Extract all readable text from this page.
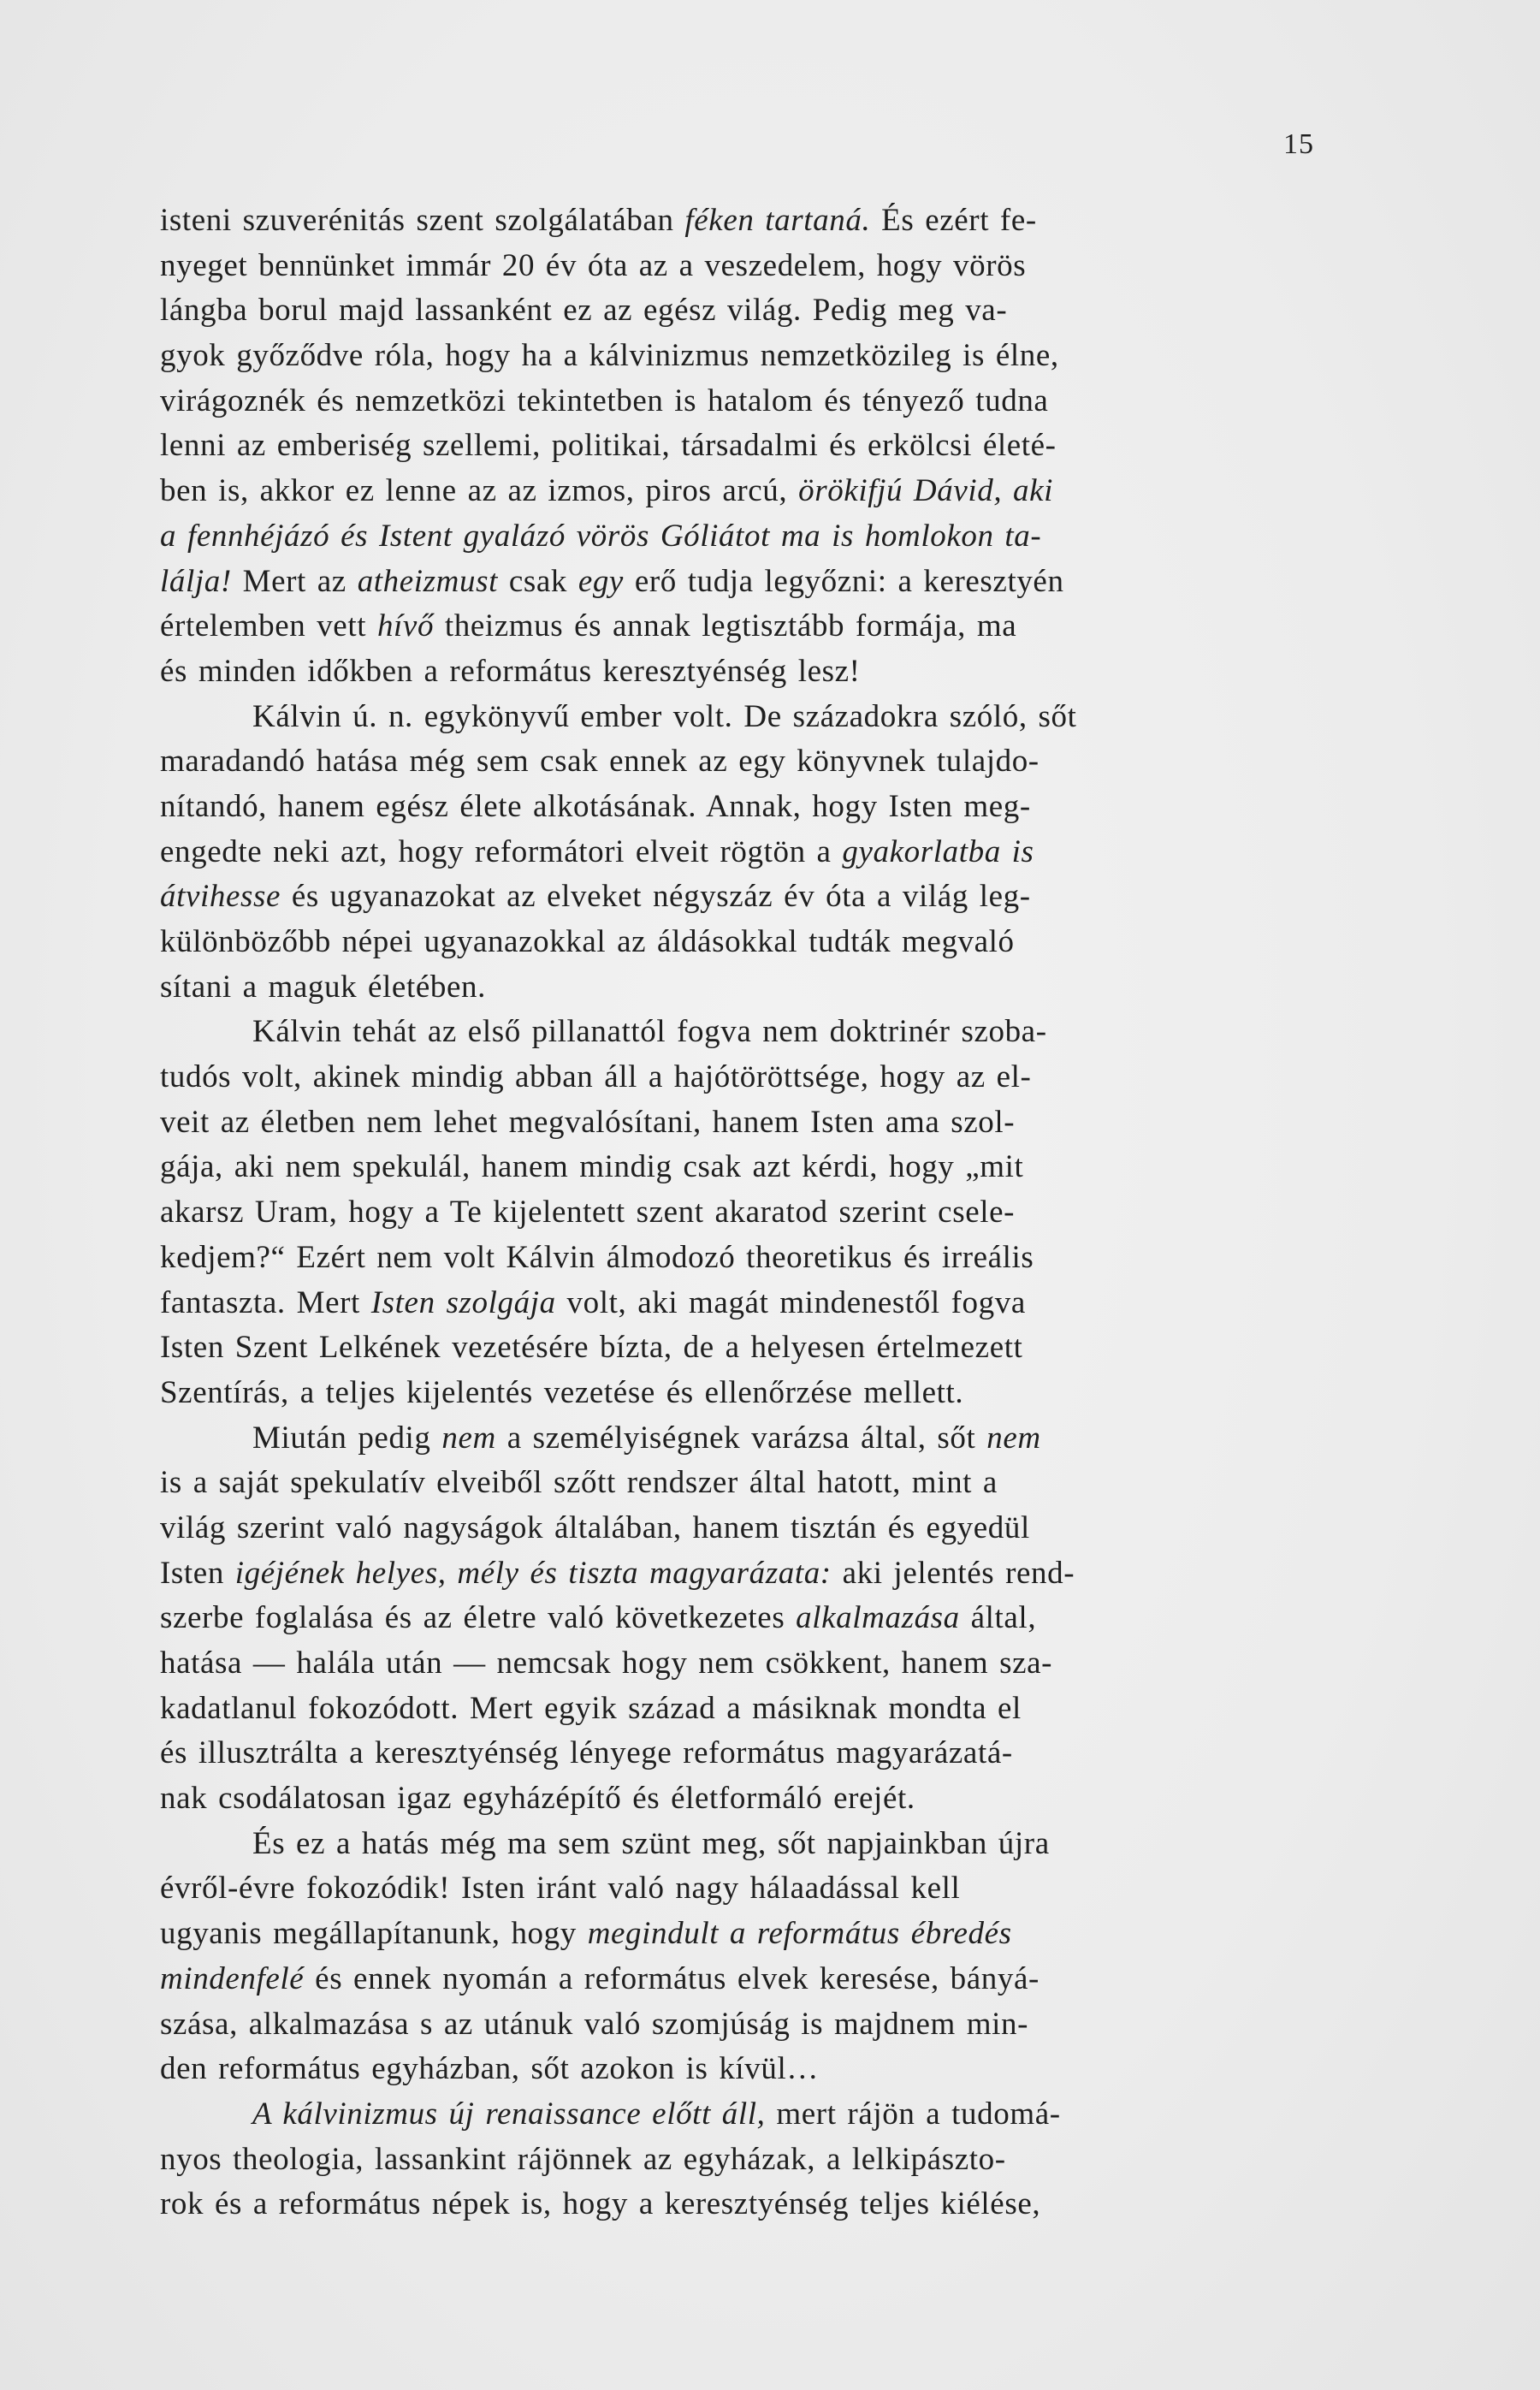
15
isteni szuverénitás szent szolgálatában féken tartaná. És ezért fe-
nyeget bennünket immár 20 év óta az a veszedelem, hogy vörös
lángba borul majd lassanként ez az egész világ. Pedig meg va-
gyok győződve róla, hogy ha a kálvinizmus nemzetközileg is élne,
virágoznék és nemzetközi tekintetben is hatalom és tényező tudna
lenni az emberiség szellemi, politikai, társadalmi és erkölcsi életé-
ben is, akkor ez lenne az az izmos, piros arcú, örökifjú Dávid, aki
a fennhéjázó és Istent gyalázó vörös Góliátot ma is homlokon ta-
lálja! Mert az atheizmust csak egy erő tudja legyőzni: a keresztyén
értelemben vett hívő theizmus és annak legtisztább formája, ma
és minden időkben a református keresztyénség lesz!
Kálvin ú. n. egykönyvű ember volt. De századokra szóló, sőt
maradandó hatása még sem csak ennek az egy könyvnek tulajdo-
nítandó, hanem egész élete alkotásának. Annak, hogy Isten meg-
engedte neki azt, hogy reformátori elveit rögtön a gyakorlatba is
átvihesse és ugyanazokat az elveket négyszáz év óta a világ leg-
különbözőbb népei ugyanazokkal az áldásokkal tudták megvaló
sítani a maguk életében.
Kálvin tehát az első pillanattól fogva nem doktrinér szoba-
tudós volt, akinek mindig abban áll a hajótöröttsége, hogy az el-
veit az életben nem lehet megvalósítani, hanem Isten ama szol-
gája, aki nem spekulál, hanem mindig csak azt kérdi, hogy „mit
akarsz Uram, hogy a Te kijelentett szent akaratod szerint csele-
kedjem?“ Ezért nem volt Kálvin álmodozó theoretikus és irreális
fantaszta. Mert Isten szolgája volt, aki magát mindenestől fogva
Isten Szent Lelkének vezetésére bízta, de a helyesen értelmezett
Szentírás, a teljes kijelentés vezetése és ellenőrzése mellett.
Miután pedig nem a személyiségnek varázsa által, sőt nem
is a saját spekulatív elveiből szőtt rendszer által hatott, mint a
világ szerint való nagyságok általában, hanem tisztán és egyedül
Isten igéjének helyes, mély és tiszta magyarázata: aki jelentés rend-
szerbe foglalása és az életre való következetes alkalmazása által,
hatása — halála után — nemcsak hogy nem csökkent, hanem sza-
kadatlanul fokozódott. Mert egyik század a másiknak mondta el
és illusztrálta a keresztyénség lényege református magyarázatá-
nak csodálatosan igaz egyházépítő és életformáló erejét.
És ez a hatás még ma sem szünt meg, sőt napjainkban újra
évről-évre fokozódik! Isten iránt való nagy hálaadással kell
ugyanis megállapítanunk, hogy megindult a református ébredés
mindenfelé és ennek nyomán a református elvek keresése, bányá-
szása, alkalmazása s az utánuk való szomjúság is majdnem min-
den református egyházban, sőt azokon is kívül…
A kálvinizmus új renaissance előtt áll, mert rájön a tudomá-
nyos theologia, lassankint rájönnek az egyházak, a lelkipászto-
rok és a református népek is, hogy a keresztyénség teljes kiélése,
